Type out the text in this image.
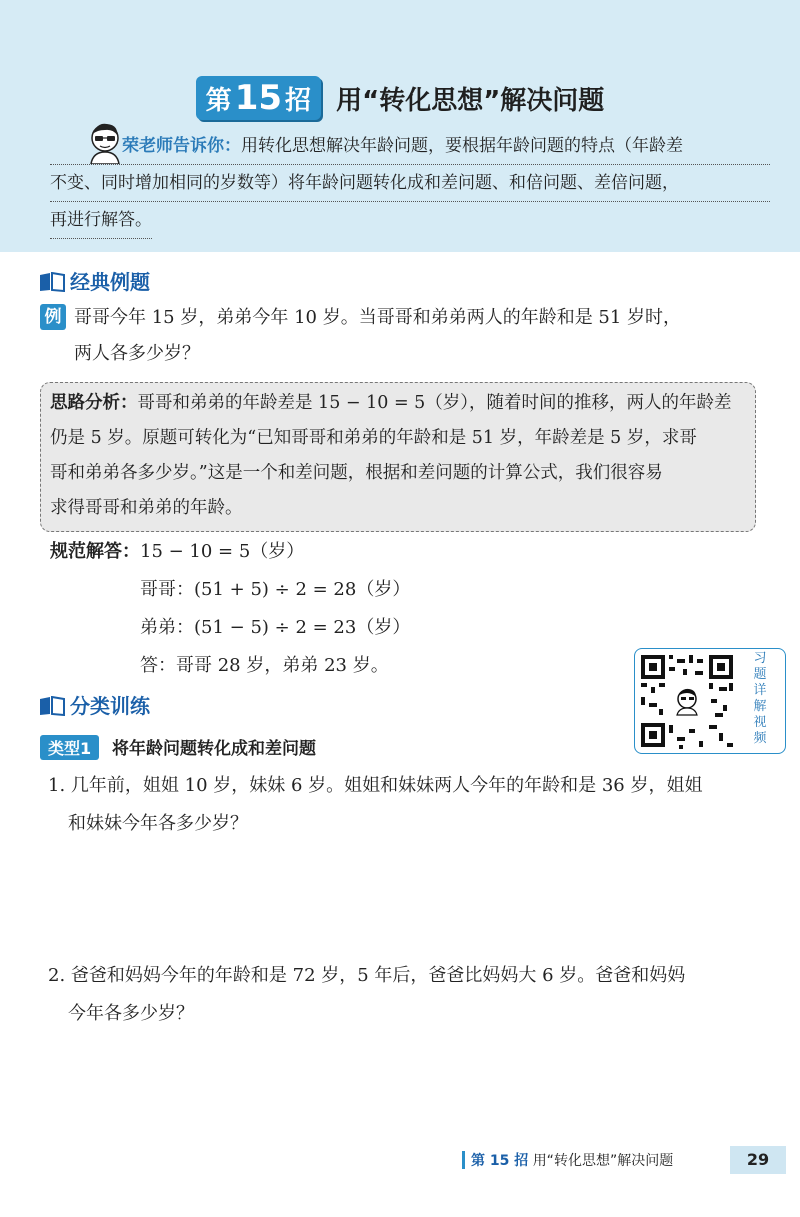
第 15 招 用“转化思想”解决问题
荣老师告诉你：用转化思想解决年龄问题，要根据年龄问题的特点（年龄差
不变、同时增加相同的岁数等）将年龄问题转化成和差问题、和倍问题、差倍问题，
再进行解答。
经典例题
例 哥哥今年 15 岁，弟弟今年 10 岁。当哥哥和弟弟两人的年龄和是 51 岁时，
两人各多少岁？
思路分析：哥哥和弟弟的年龄差是 15 − 10 = 5（岁），随着时间的推移，两人的年龄差
仍是 5 岁。原题可转化为“已知哥哥和弟弟的年龄和是 51 岁，年龄差是 5 岁，求哥
哥和弟弟各多少岁。”这是一个和差问题，根据和差问题的计算公式，我们很容易
求得哥哥和弟弟的年龄。
规范解答：15 − 10 = 5（岁）
哥哥：(51 + 5) ÷ 2 = 28（岁）
弟弟：(51 − 5) ÷ 2 = 23（岁）
答：哥哥 28 岁，弟弟 23 岁。	习
题
详
解
视
频
分类训练
类型1	将年龄问题转化成和差问题
1. 几年前，姐姐 10 岁，妹妹 6 岁。姐姐和妹妹两人今年的年龄和是 36 岁，姐姐
和妹妹今年各多少岁？
2. 爸爸和妈妈今年的年龄和是 72 岁，5 年后，爸爸比妈妈大 6 岁。爸爸和妈妈
今年各多少岁？
第 15 招 用“转化思想”解决问题	29
